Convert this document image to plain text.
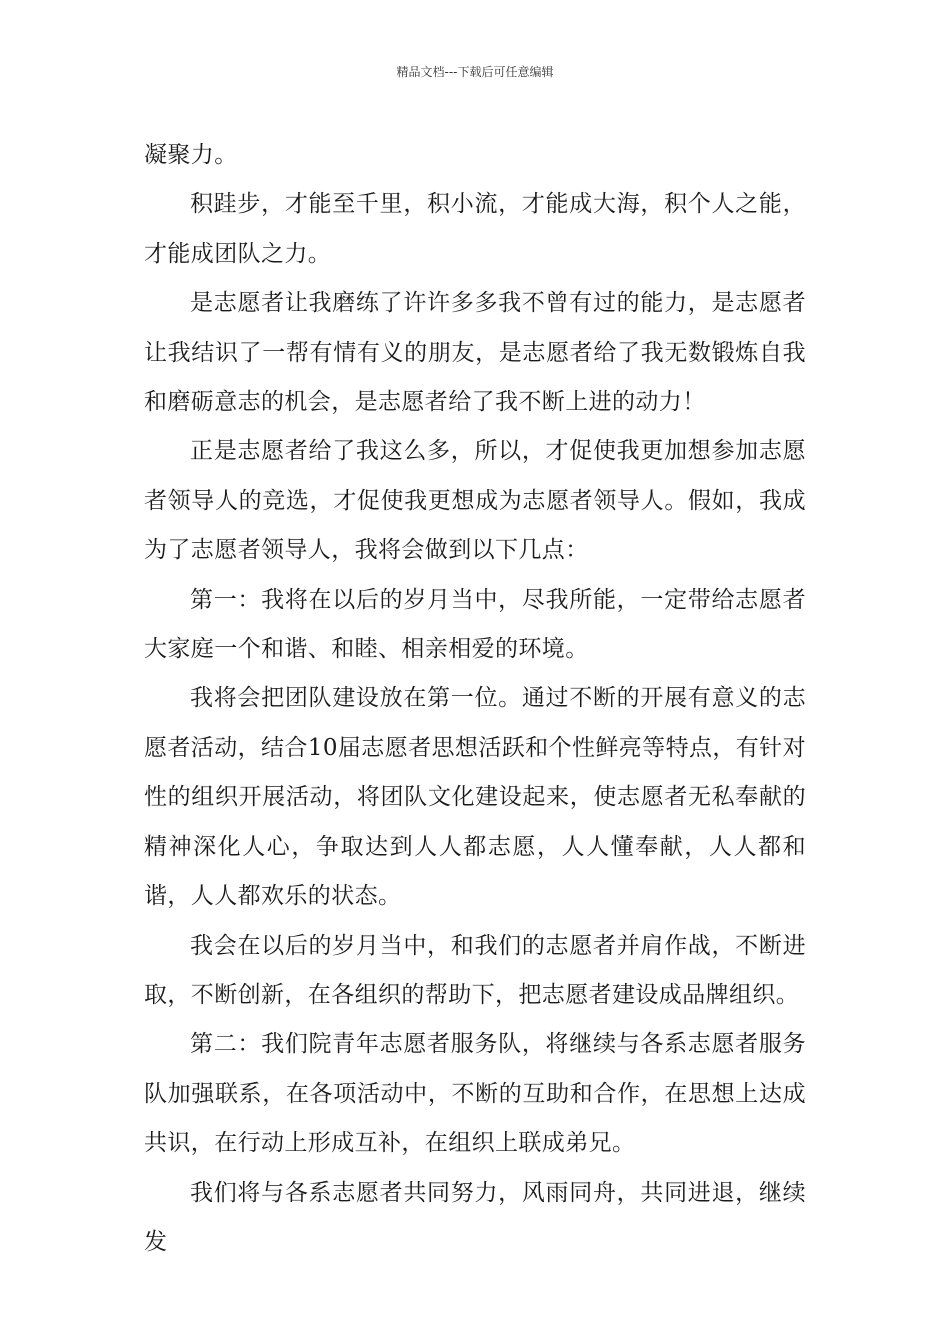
精品文档---下载后可任意编辑

凝聚力。

积跬步，才能至千里，积小流，才能成大海，积个人之能，才能成团队之力。

是志愿者让我磨练了许许多多我不曾有过的能力，是志愿者让我结识了一帮有情有义的朋友，是志愿者给了我无数锻炼自我和磨砺意志的机会，是志愿者给了我不断上进的动力！

正是志愿者给了我这么多，所以，才促使我更加想参加志愿者领导人的竞选，才促使我更想成为志愿者领导人。假如，我成为了志愿者领导人，我将会做到以下几点：

第一：我将在以后的岁月当中，尽我所能，一定带给志愿者大家庭一个和谐、和睦、相亲相爱的环境。

我将会把团队建设放在第一位。通过不断的开展有意义的志愿者活动，结合10届志愿者思想活跃和个性鲜亮等特点，有针对性的组织开展活动，将团队文化建设起来，使志愿者无私奉献的精神深化人心，争取达到人人都志愿，人人懂奉献，人人都和谐，人人都欢乐的状态。

我会在以后的岁月当中，和我们的志愿者并肩作战，不断进取，不断创新，在各组织的帮助下，把志愿者建设成品牌组织。

第二：我们院青年志愿者服务队，将继续与各系志愿者服务队加强联系，在各项活动中，不断的互助和合作，在思想上达成共识，在行动上形成互补，在组织上联成弟兄。

我们将与各系志愿者共同努力，风雨同舟，共同进退，继续发
